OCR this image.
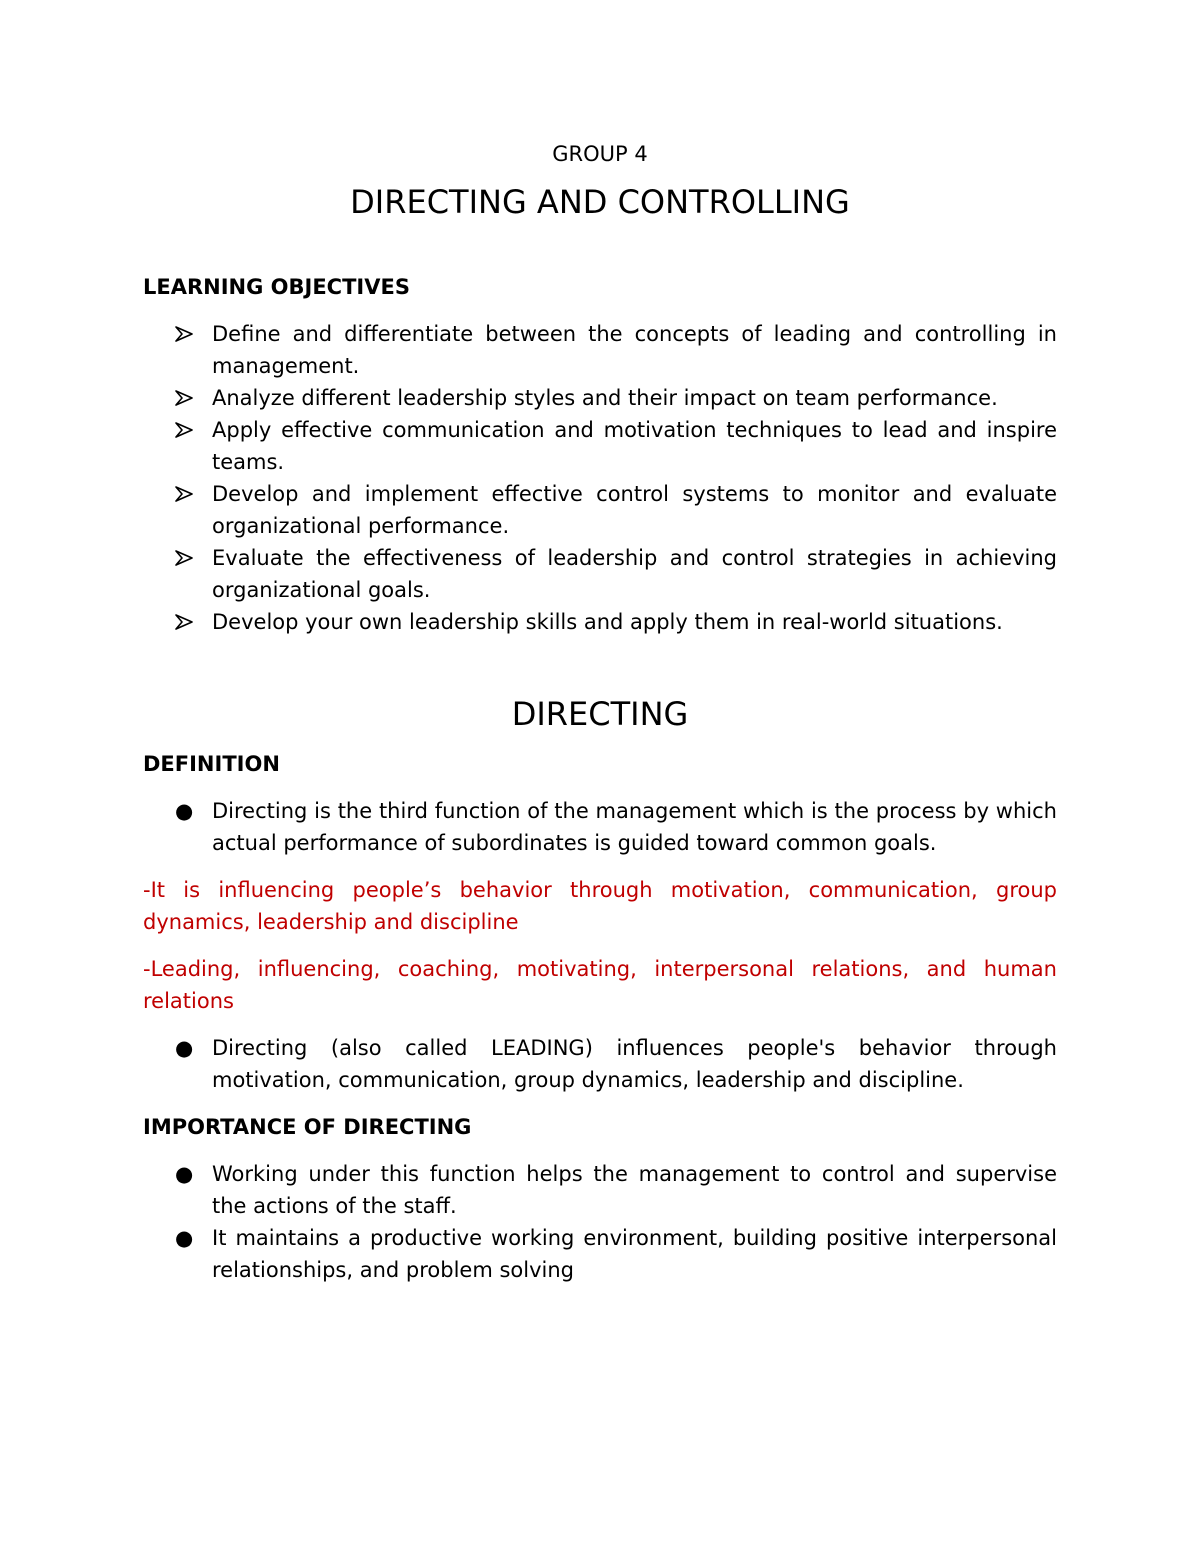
GROUP 4

DIRECTING AND CONTROLLING
LEARNING OBJECTIVES
Define and differentiate between the concepts of leading and controlling in management.
Analyze different leadership styles and their impact on team performance.
Apply effective communication and motivation techniques to lead and inspire teams.
Develop and implement effective control systems to monitor and evaluate organizational performance.
Evaluate the effectiveness of leadership and control strategies in achieving organizational goals.
Develop your own leadership skills and apply them in real-world situations.
DIRECTING
DEFINITION
● Directing is the third function of the management which is the process by which actual performance of subordinates is guided toward common goals.

-It is influencing people’s behavior through motivation, communication, group dynamics, leadership and discipline

-Leading, influencing, coaching, motivating, interpersonal relations, and human relations

● Directing (also called LEADING) influences people's behavior through motivation, communication, group dynamics, leadership and discipline.
IMPORTANCE OF DIRECTING
● Working under this function helps the management to control and supervise the actions of the staff.
● It maintains a productive working environment, building positive interpersonal relationships, and problem solving
